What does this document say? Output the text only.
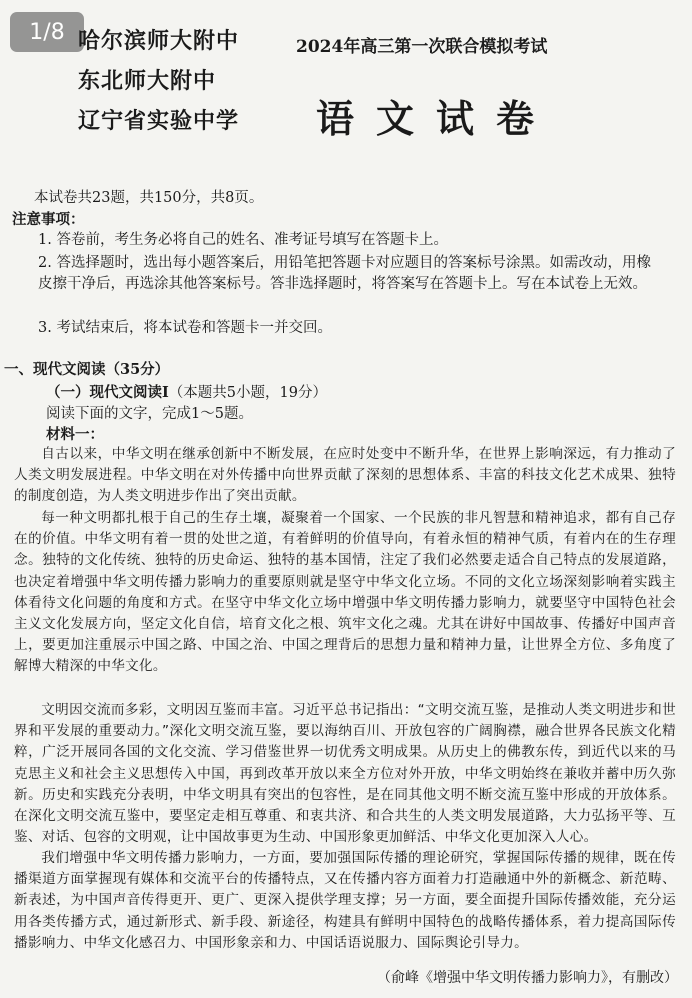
1/8 哈尔滨师大附中
东北师大附中
辽宁省实验中学
2024年高三第一次联合模拟考试
语文试卷
本试卷共23题，共150分，共8页。
注意事项：
1. 答卷前，考生务必将自己的姓名、准考证号填写在答题卡上。
2. 答选择题时，选出每小题答案后，用铅笔把答题卡对应题目的答案标号涂黑。如需改动，用橡皮擦干净后，再选涂其他答案标号。答非选择题时，将答案写在答题卡上。写在本试卷上无效。
3. 考试结束后，将本试卷和答题卡一并交回。
一、现代文阅读（35分）
（一）现代文阅读Ⅰ（本题共5小题，19分）
阅读下面的文字，完成1～5题。
材料一：
自古以来，中华文明在继承创新中不断发展，在应时处变中不断升华，在世界上影响深远，有力推动了人类文明发展进程。中华文明在对外传播中向世界贡献了深刻的思想体系、丰富的科技文化艺术成果、独特的制度创造，为人类文明进步作出了突出贡献。
每一种文明都扎根于自己的生存土壤，凝聚着一个国家、一个民族的非凡智慧和精神追求，都有自己存在的价值。中华文明有着一贯的处世之道，有着鲜明的价值导向，有着永恒的精神气质，有着内在的生存理念。独特的文化传统、独特的历史命运、独特的基本国情，注定了我们必然要走适合自己特点的发展道路，也决定着增强中华文明传播力影响力的重要原则就是坚守中华文化立场。不同的文化立场深刻影响着实践主体看待文化问题的角度和方式。在坚守中华文化立场中增强中华文明传播力影响力，就要坚守中国特色社会主义文化发展方向，坚定文化自信，培育文化之根、筑牢文化之魂。尤其在讲好中国故事、传播好中国声音上，要更加注重展示中国之路、中国之治、中国之理背后的思想力量和精神力量，让世界全方位、多角度了解博大精深的中华文化。
文明因交流而多彩，文明因互鉴而丰富。习近平总书记指出：“文明交流互鉴，是推动人类文明进步和世界和平发展的重要动力。”深化文明交流互鉴，要以海纳百川、开放包容的广阔胸襟，融合世界各民族文化精粹，广泛开展同各国的文化交流、学习借鉴世界一切优秀文明成果。从历史上的佛教东传，到近代以来的马克思主义和社会主义思想传入中国，再到改革开放以来全方位对外开放，中华文明始终在兼收并蓄中历久弥新。历史和实践充分表明，中华文明具有突出的包容性，是在同其他文明不断交流互鉴中形成的开放体系。在深化文明交流互鉴中，要坚定走相互尊重、和衷共济、和合共生的人类文明发展道路，大力弘扬平等、互鉴、对话、包容的文明观，让中国故事更为生动、中国形象更加鲜活、中华文化更加深入人心。
我们增强中华文明传播力影响力，一方面，要加强国际传播的理论研究，掌握国际传播的规律，既在传播渠道方面掌握现有媒体和交流平台的传播特点，又在传播内容方面着力打造融通中外的新概念、新范畴、新表述，为中国声音传得更开、更广、更深入提供学理支撑；另一方面，要全面提升国际传播效能，充分运用各类传播方式，通过新形式、新手段、新途径，构建具有鲜明中国特色的战略传播体系，着力提高国际传播影响力、中华文化感召力、中国形象亲和力、中国话语说服力、国际舆论引导力。
（俞峰《增强中华文明传播力影响力》，有删改）
